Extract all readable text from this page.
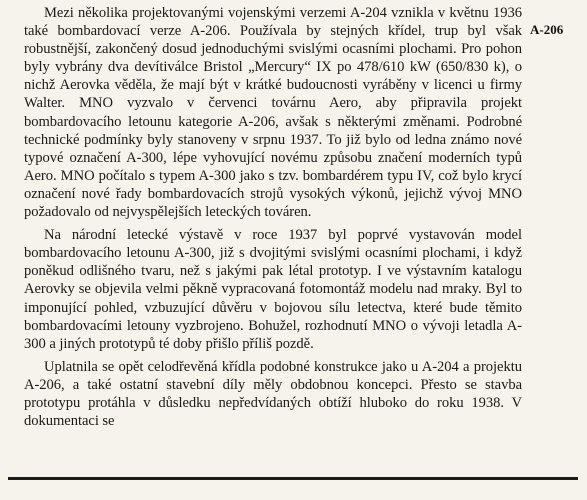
Mezi několika projektovanými vojenskými verzemi A-204 vznikla v květnu 1936 také bombardovací verze A-206. Používala by stejných křídel, trup byl však robustnější, zakončený dosud jednoduchými svislými ocasními plochami. Pro pohon byly vybrány dva devítiválce Bristol „Mercury“ IX po 478/610 kW (650/830 k), o nichž Aerovka věděla, že mají být v krátké budoucnosti vyráběny v licenci u firmy Walter. MNO vyzvalo v červenci továrnu Aero, aby připravila projekt bombardovacího letounu kategorie A-206, avšak s některými změnami. Podrobné technické podmínky byly stanoveny v srpnu 1937. To již bylo od ledna známo nové typové označení A-300, lépe vyhovující novému způsobu značení moderních typů Aero. MNO počítalo s typem A-300 jako s tzv. bombardérem typu IV, což bylo krycí označení nové řady bombardovacích strojů vysokých výkonů, jejichž vývoj MNO požadovalo od nejvyspělejších leteckých továren.

Na národní letecké výstavě v roce 1937 byl poprvé vystavován model bombardovacího letounu A-300, již s dvojitými svislými ocasními plochami, i když poněkud odlišného tvaru, než s jakými pak létal prototyp. I ve výstavním katalogu Aerovky se objevila velmi pěkně vypracovaná fotomontáž modelu nad mraky. Byl to imponující pohled, vzbuzující důvěru v bojovou sílu letectva, které bude těmito bombardovacími letouny vyzbrojeno. Bohužel, rozhodnutí MNO o vývoji letadla A-300 a jiných prototypů té doby přišlo příliš pozdě.

Uplatnila se opět celodřevěná křídla podobné konstrukce jako u A-204 a projektu A-206, a také ostatní stavební díly měly obdobnou koncepci. Přesto se stavba prototypu protáhla v důsledku nepředvídaných obtíží hluboko do roku 1938. V dokumentaci se

A-206
